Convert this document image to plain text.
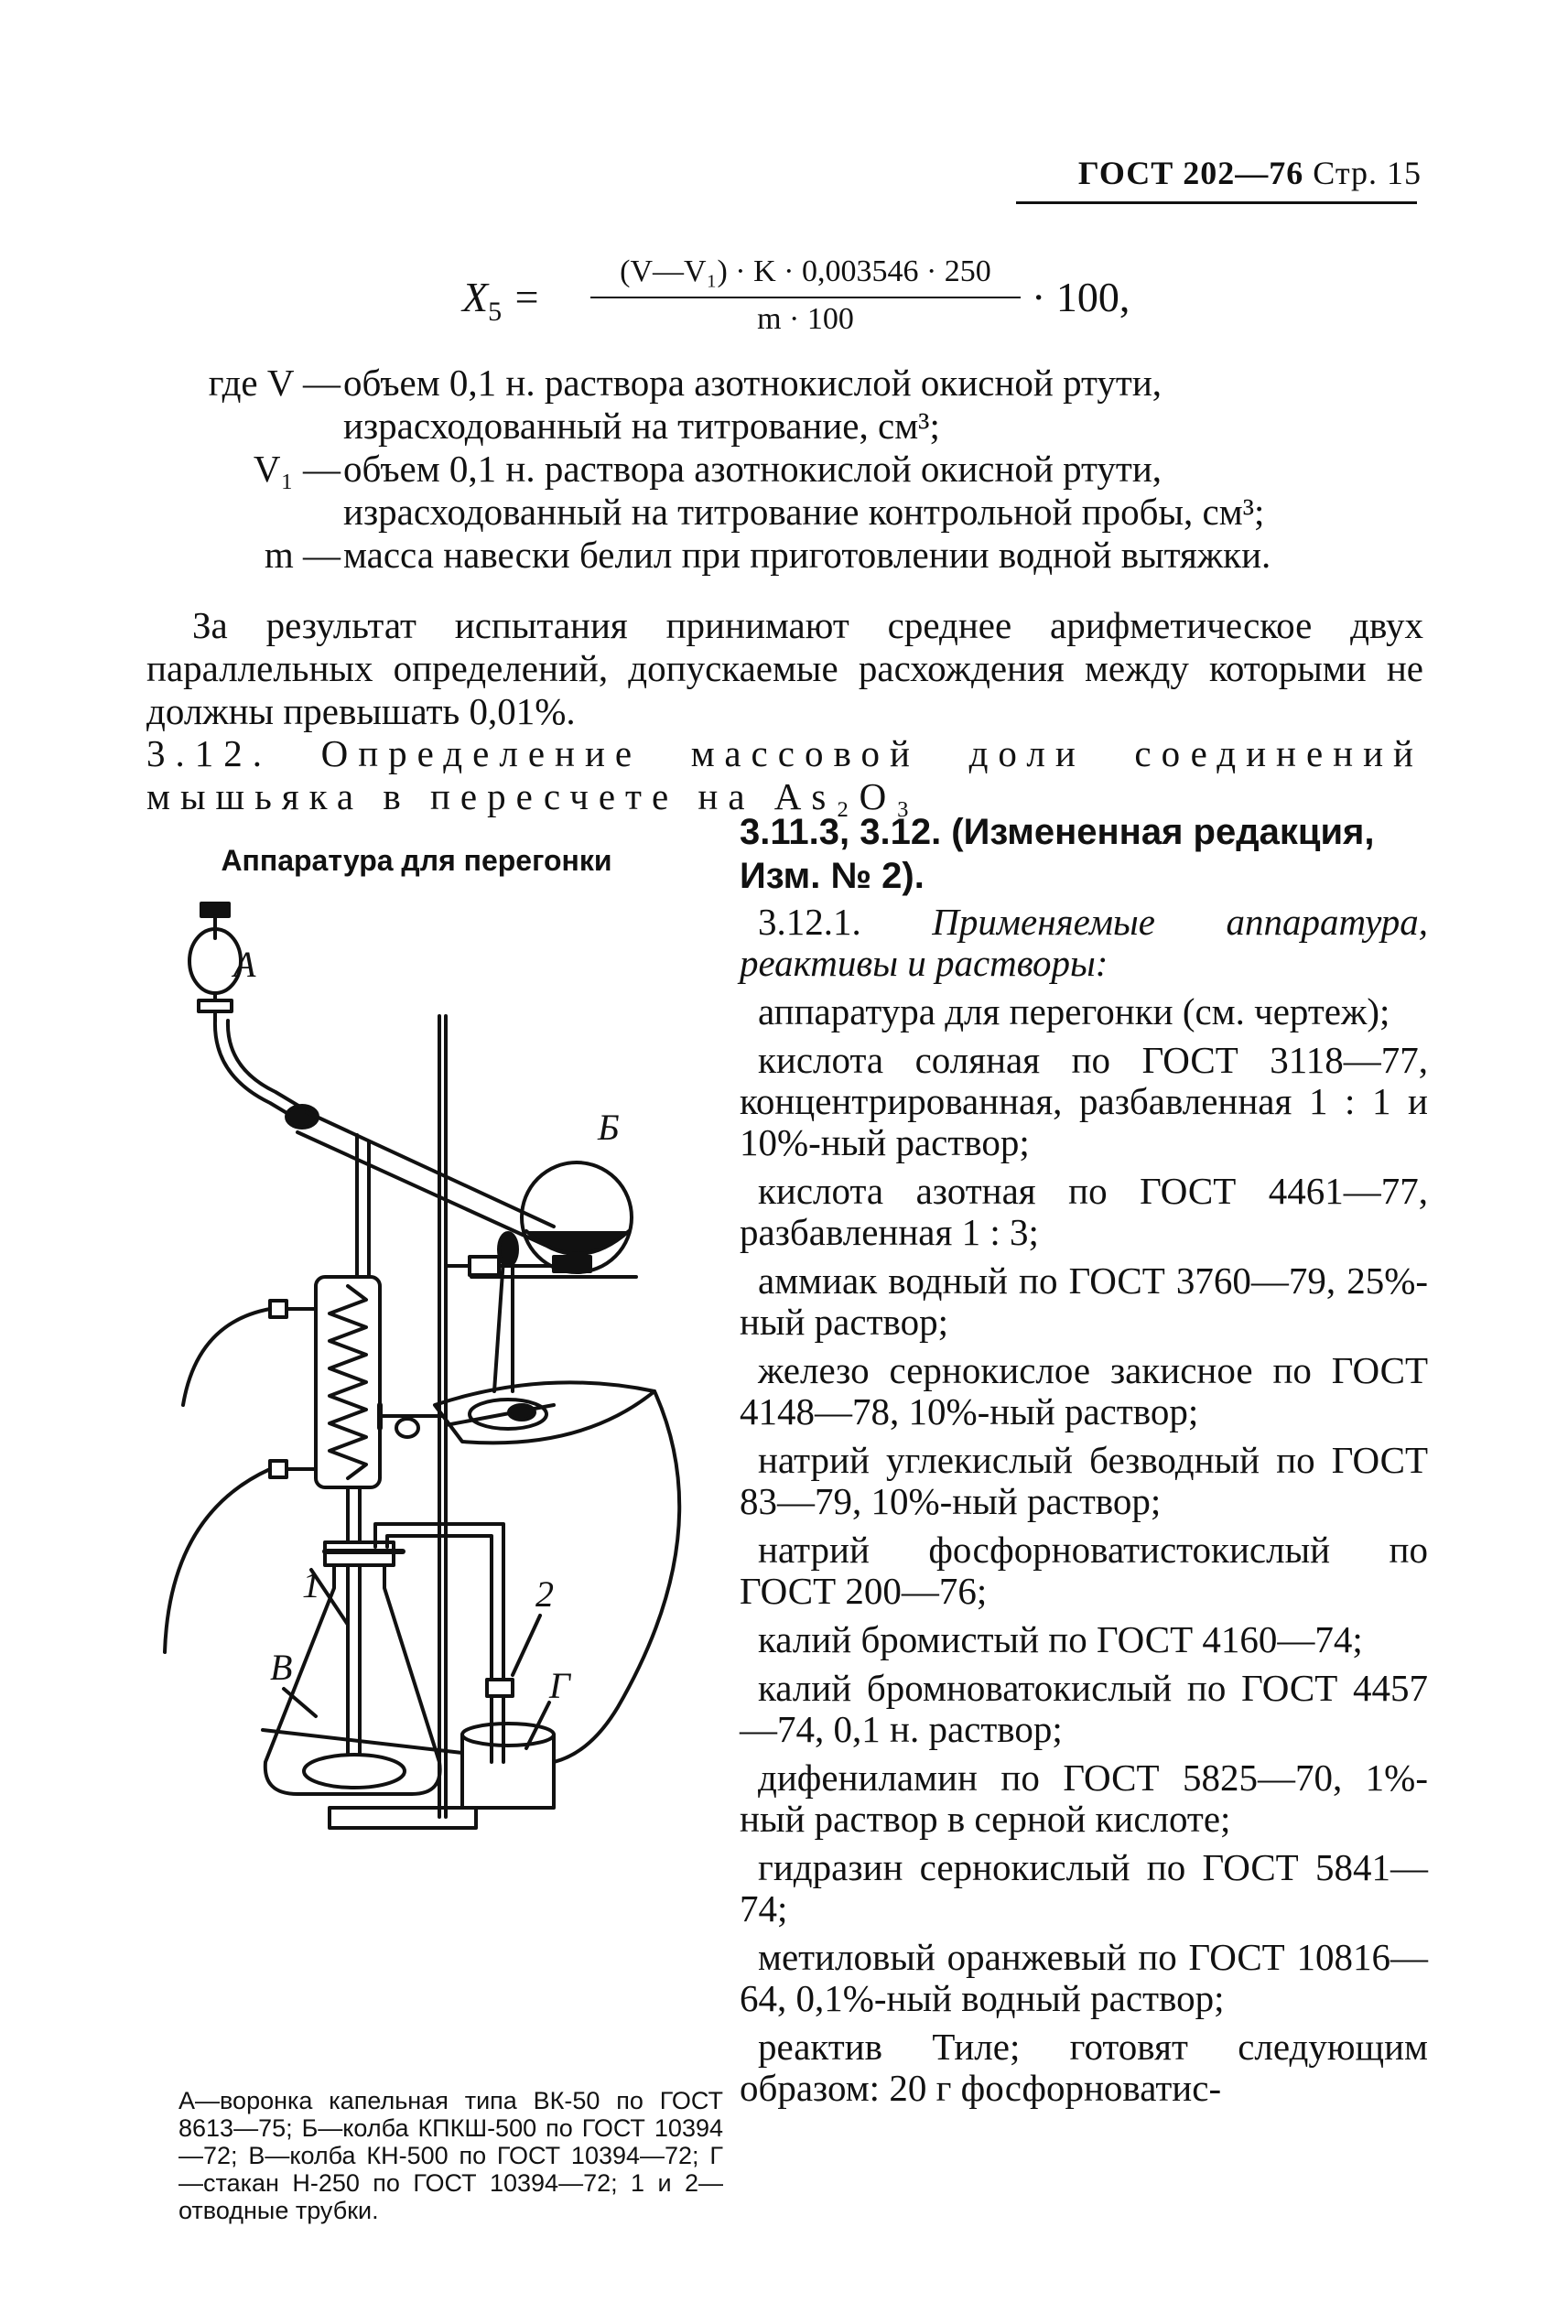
ГОСТ 202—76 Стр. 15
$X_5$ =
(V—V₁) · K · 0,003546 · 250
m · 100	· 100,
где V — объем 0,1 н. раствора азотнокислой окисной ртути, израсходованный на титрование, см³;
V₁ — объем 0,1 н. раствора азотнокислой окисной ртути, израсходованный на титрование контрольной пробы, см³;
m — масса навески белил при приготовлении водной вытяжки.
За результат испытания принимают среднее арифметическое двух параллельных определений, допускаемые расхождения между которыми не должны превышать 0,01%.
3.12. Определение массовой доли соединений мышьяка в пересчете на As₂O₃
Аппаратура для перегонки
А
Б
1
В
2
Г
А—воронка капельная типа ВК-50 по ГОСТ 8613—75; Б—колба КПКШ-500 по ГОСТ 10394—72; В—колба КН-500 по ГОСТ 10394—72; Г—стакан Н-250 по ГОСТ 10394—72; 1 и 2—отводные трубки.
3.11.3, 3.12. (Измененная редакция, Изм. № 2).

3.12.1. Применяемые аппаратура, реактивы и растворы:

аппаратура для перегонки (см. чертеж);

кислота соляная по ГОСТ 3118—77, концентрированная, разбавленная 1 : 1 и 10%-ный раствор;

кислота азотная по ГОСТ 4461—77, разбавленная 1 : 3;

аммиак водный по ГОСТ 3760—79, 25%-ный раствор;

железо сернокислое закисное по ГОСТ 4148—78, 10%-ный раствор;

натрий углекислый безводный по ГОСТ 83—79, 10%-ный раствор;

натрий фосфорноватистокислый по ГОСТ 200—76;

калий бромистый по ГОСТ 4160—74;

калий бромноватокислый по ГОСТ 4457—74, 0,1 н. раствор;

дифениламин по ГОСТ 5825—70, 1%-ный раствор в серной кислоте;

гидразин сернокислый по ГОСТ 5841—74;

метиловый оранжевый по ГОСТ 10816—64, 0,1%-ный водный раствор;

реактив Тиле; готовят следующим образом: 20 г фосфорноватис-
